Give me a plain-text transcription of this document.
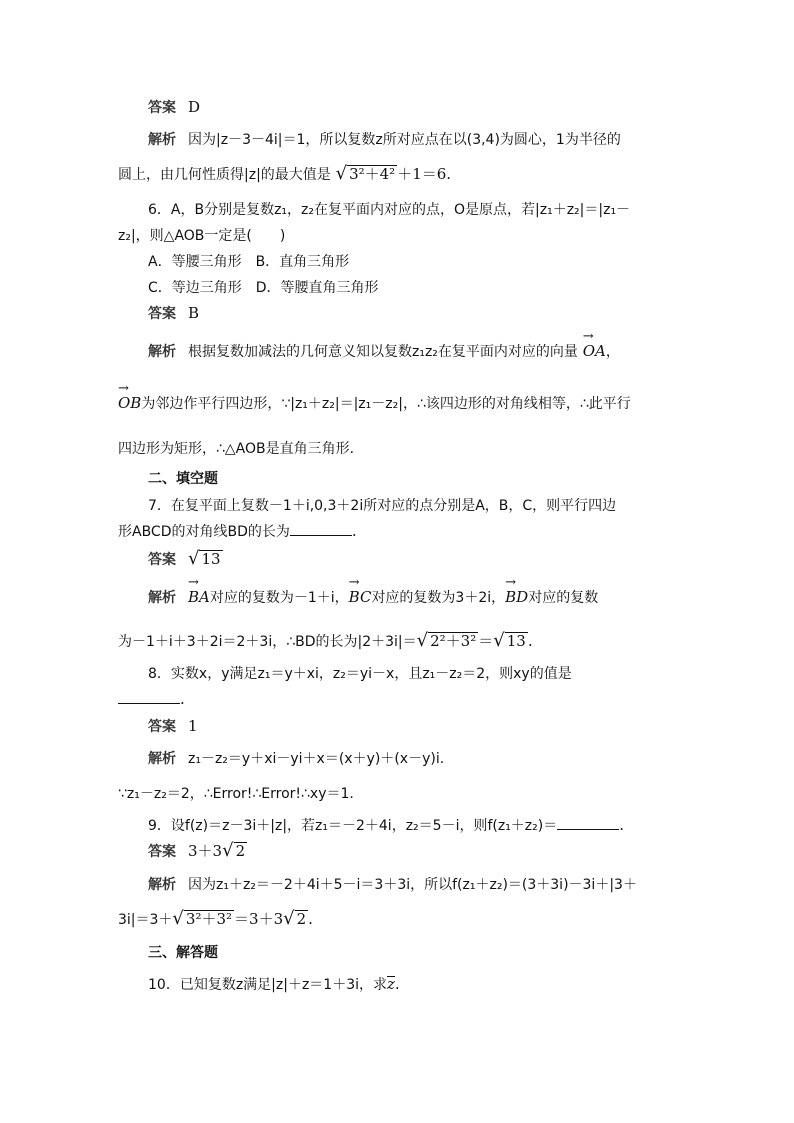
答案 D
解析 因为|z－3－4i|＝1，所以复数z所对应点在以(3,4)为圆心，1为半径的
圆上，由几何性质得|z|的最大值是 √ 3²＋4² ＋1＝6.
6．A，B分别是复数z₁，z₂在复平面内对应的点，O是原点，若|z₁＋z₂|＝|z₁－
z₂|，则△AOB一定是(　　)
A．等腰三角形　B．直角三角形
C．等边三角形　D．等腰直角三角形
答案 B
解析 根据复数加减法的几何意义知以复数z₁z₂在复平面内对应的向量 → OA，
→ OB为邻边作平行四边形，∵|z₁＋z₂|＝|z₁－z₂|，∴该四边形的对角线相等，∴此平行
四边形为矩形，∴△AOB是直角三角形．
二、填空题
7．在复平面上复数－1＋i,0,3＋2i所对应的点分别是A，B，C，则平行四边
形ABCD的对角线BD的长为	.
答案 √ 13
解析 → BA对应的复数为－1＋i，→ BC对应的复数为3＋2i，→ BD对应的复数
为－1＋i＋3＋2i＝2＋3i，∴BD的长为|2＋3i|＝√ 2²＋3² ＝√ 13 .
8．实数x，y满足z₁＝y＋xi，z₂＝yi－x，且z₁－z₂＝2，则xy的值是
.
答案 1
解析 z₁－z₂＝y＋xi－yi＋x＝(x＋y)＋(x－y)i.
∵z₁－z₂＝2，∴Error!∴Error!∴xy＝1.
9．设f(z)＝z－3i＋|z|，若z₁＝－2＋4i，z₂＝5－i，则f(z₁＋z₂)＝	.
答案 3＋3√ 2
解析 因为z₁＋z₂＝－2＋4i＋5－i＝3＋3i，所以f(z₁＋z₂)＝(3＋3i)－3i＋|3＋
3i|＝3＋√ 3²＋3² ＝3＋3√ 2 .
三、解答题
10．已知复数z满足|z|＋z＝1＋3i，求z.
